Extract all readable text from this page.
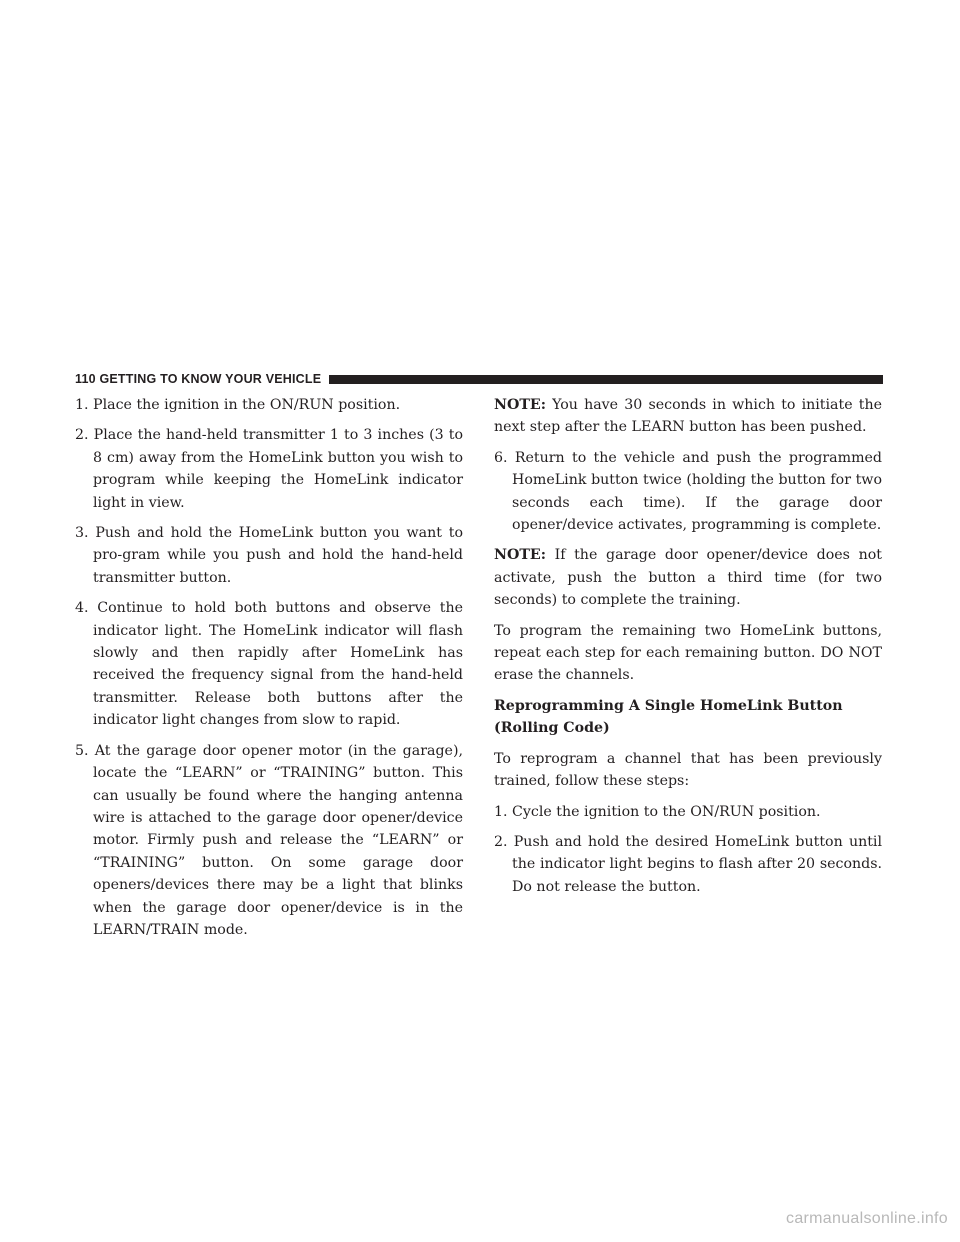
110 GETTING TO KNOW YOUR VEHICLE

1. Place the ignition in the ON/RUN position.

2. Place the hand-held transmitter 1 to 3 inches (3 to 8 cm) away from the HomeLink button you wish to program while keeping the HomeLink indicator light in view.

3. Push and hold the HomeLink button you want to pro-gram while you push and hold the hand-held transmitter button.

4. Continue to hold both buttons and observe the indicator light. The HomeLink indicator will flash slowly and then rapidly after HomeLink has received the frequency signal from the hand-held transmitter. Release both buttons after the indicator light changes from slow to rapid.

5. At the garage door opener motor (in the garage), locate the “LEARN” or “TRAINING” button. This can usually be found where the hanging antenna wire is attached to the garage door opener/device motor. Firmly push and release the “LEARN” or “TRAINING” button. On some garage door openers/devices there may be a light that blinks when the garage door opener/device is in the LEARN/TRAIN mode.

NOTE: You have 30 seconds in which to initiate the next step after the LEARN button has been pushed.

6. Return to the vehicle and push the programmed HomeLink button twice (holding the button for two seconds each time). If the garage door opener/device activates, programming is complete.

NOTE: If the garage door opener/device does not activate, push the button a third time (for two seconds) to complete the training.

To program the remaining two HomeLink buttons, repeat each step for each remaining button. DO NOT erase the channels.

Reprogramming A Single HomeLink Button (Rolling Code)

To reprogram a channel that has been previously trained, follow these steps:

1. Cycle the ignition to the ON/RUN position.

2. Push and hold the desired HomeLink button until the indicator light begins to flash after 20 seconds. Do not release the button.

carmanualsonline.info
